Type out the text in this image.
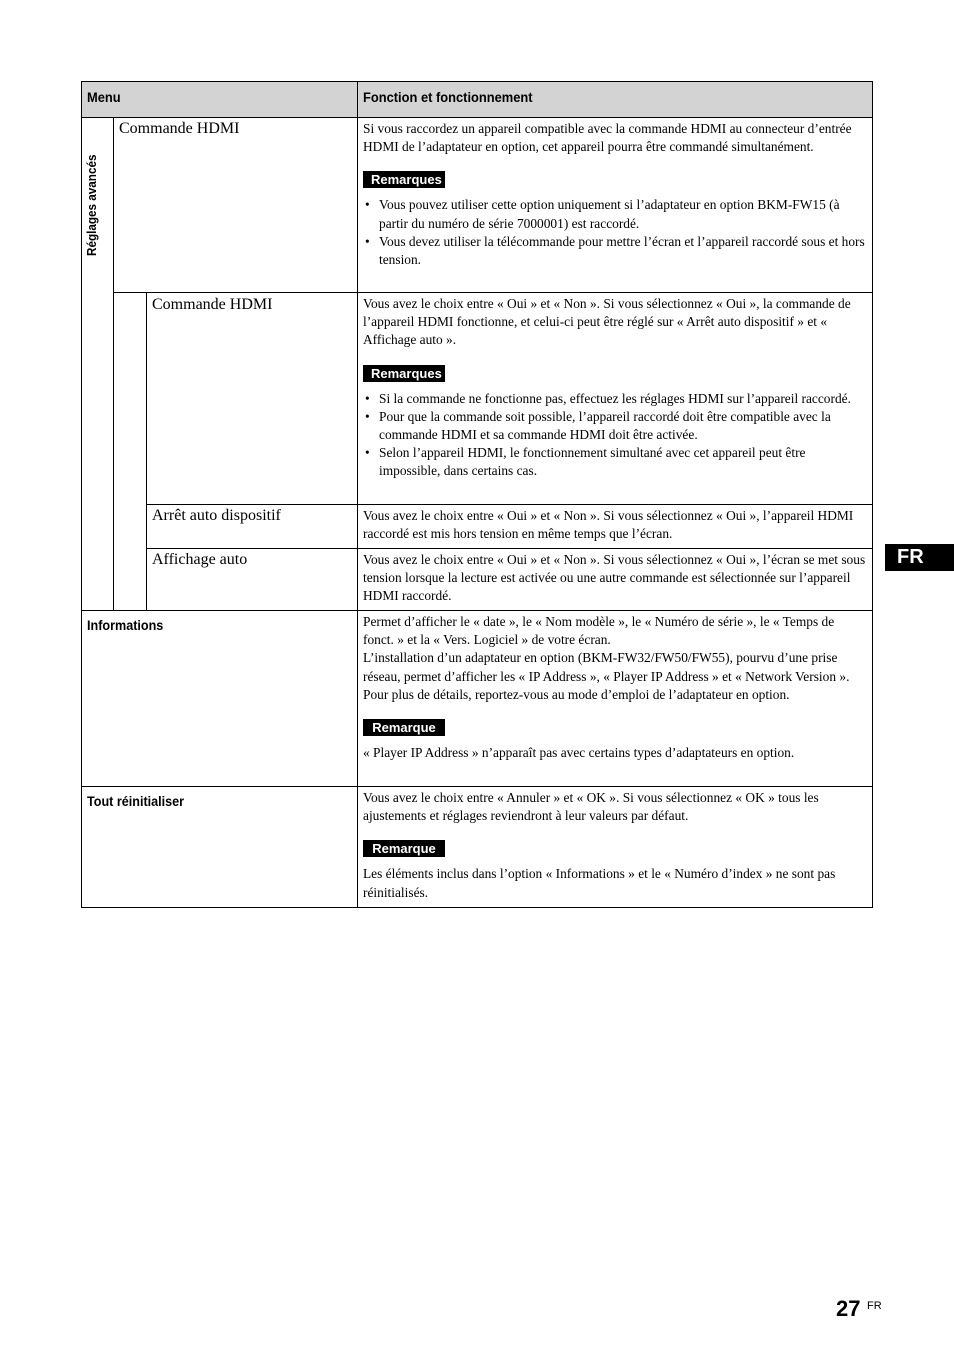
Menu	Fonction et fonctionnement
Réglages avancés
Commande HDMI	Si vous raccordez un appareil compatible avec la commande HDMI au connecteur d’entrée HDMI de l’adaptateur en option, cet appareil pourra être commandé simultanément.

Remarques
• Vous pouvez utiliser cette option uniquement si l’adaptateur en option BKM-FW15 (à partir du numéro de série 7000001) est raccordé.
• Vous devez utiliser la télécommande pour mettre l’écran et l’appareil raccordé sous et hors tension.
Commande HDMI	Vous avez le choix entre « Oui » et « Non ». Si vous sélectionnez « Oui », la commande de l’appareil HDMI fonctionne, et celui-ci peut être réglé sur « Arrêt auto dispositif » et « Affichage auto ».

Remarques
• Si la commande ne fonctionne pas, effectuez les réglages HDMI sur l’appareil raccordé.
• Pour que la commande soit possible, l’appareil raccordé doit être compatible avec la commande HDMI et sa commande HDMI doit être activée.
• Selon l’appareil HDMI, le fonctionnement simultané avec cet appareil peut être impossible, dans certains cas.
Arrêt auto dispositif	Vous avez le choix entre « Oui » et « Non ». Si vous sélectionnez « Oui », l’appareil HDMI raccordé est mis hors tension en même temps que l’écran.

Affichage auto	Vous avez le choix entre « Oui » et « Non ». Si vous sélectionnez « Oui », l’écran se met sous tension lorsque la lecture est activée ou une autre commande est sélectionnée sur l’appareil HDMI raccordé.

Informations	Permet d’afficher le « date », le « Nom modèle », le « Numéro de série », le « Temps de fonct. » et la « Vers. Logiciel » de votre écran.

L’installation d’un adaptateur en option (BKM-FW32/FW50/FW55), pourvu d’une prise réseau, permet d’afficher les « IP Address », « Player IP Address » et « Network Version ». Pour plus de détails, reportez-vous au mode d’emploi de l’adaptateur en option.

Remarque

« Player IP Address » n’apparaît pas avec certains types d’adaptateurs en option.

Tout réinitialiser	Vous avez le choix entre « Annuler » et « OK ». Si vous sélectionnez « OK » tous les ajustements et réglages reviendront à leur valeurs par défaut.

Remarque

Les éléments inclus dans l’option « Informations » et le « Numéro d’index » ne sont pas réinitialisés.

FR
27 FR
